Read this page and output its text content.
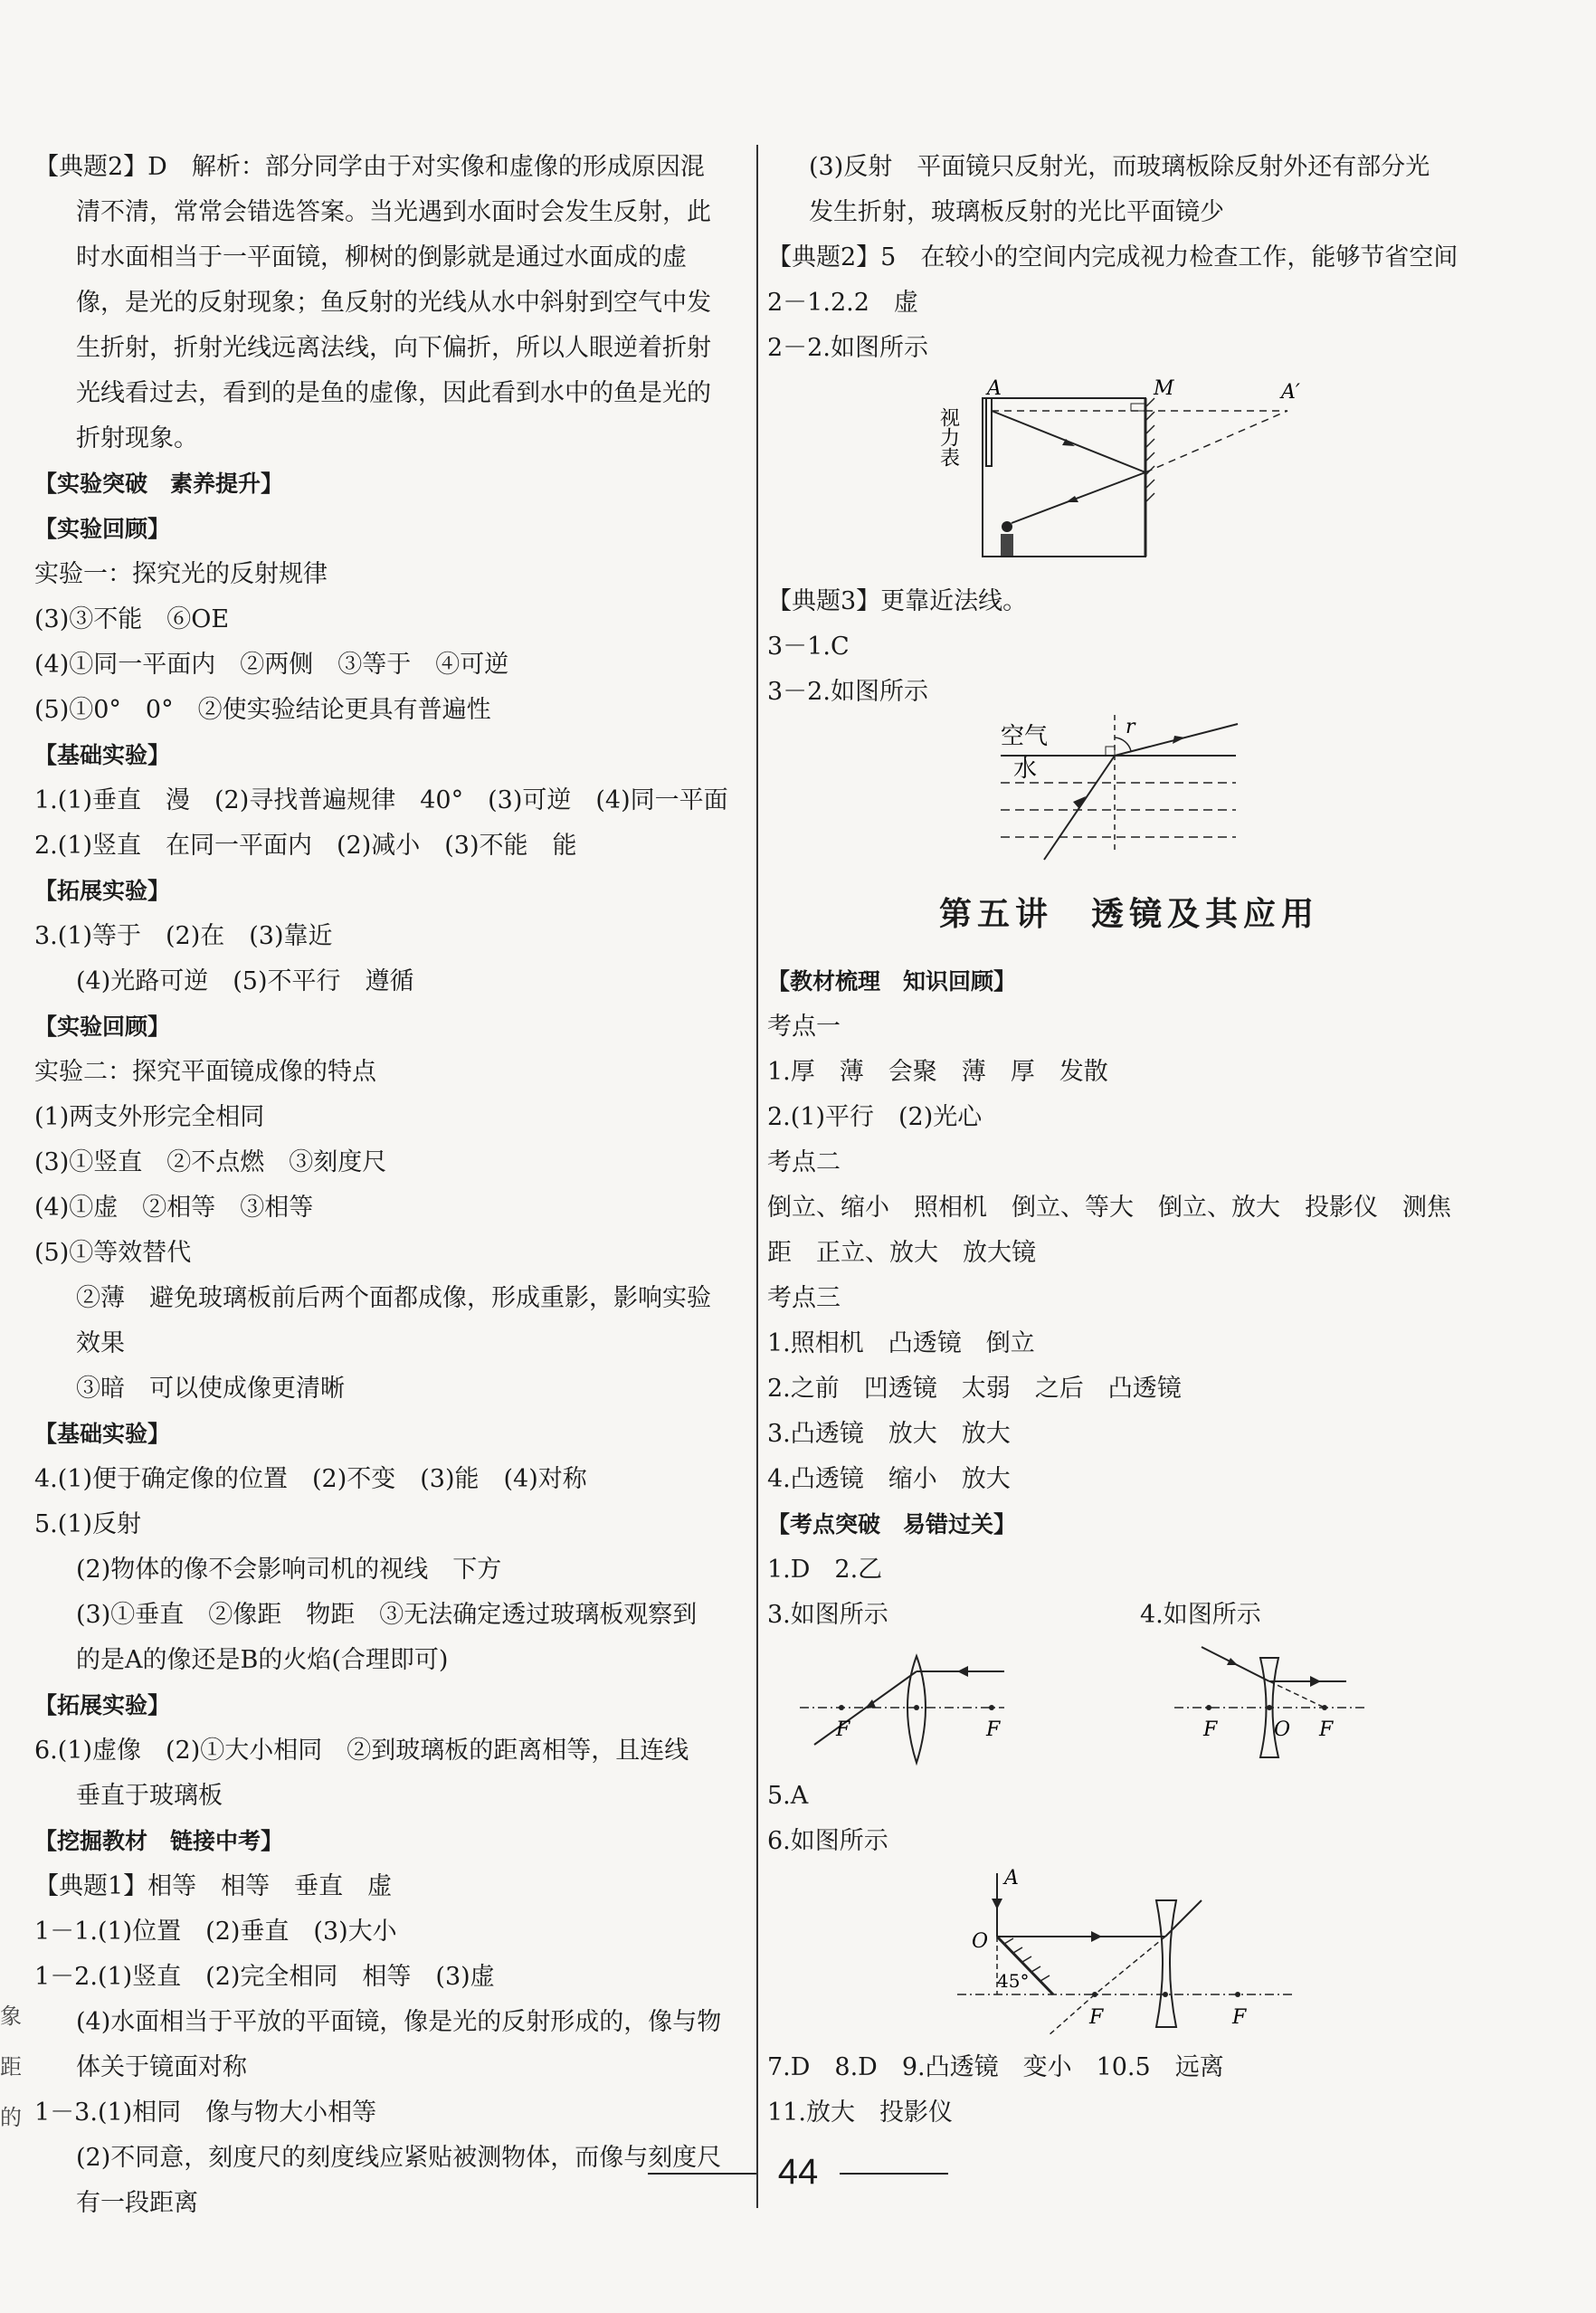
【典题2】D　解析：部分同学由于对实像和虚像的形成原因混
清不清，常常会错选答案。当光遇到水面时会发生反射，此
时水面相当于一平面镜，柳树的倒影就是通过水面成的虚
像，是光的反射现象；鱼反射的光线从水中斜射到空气中发
生折射，折射光线远离法线，向下偏折，所以人眼逆着折射
光线看过去，看到的是鱼的虚像，因此看到水中的鱼是光的
折射现象。
【实验突破　素养提升】
【实验回顾】
实验一：探究光的反射规律
(3)③不能　⑥OE
(4)①同一平面内　②两侧　③等于　④可逆
(5)①0°　0°　②使实验结论更具有普遍性
【基础实验】
1.(1)垂直　漫　(2)寻找普遍规律　40°　(3)可逆　(4)同一平面
2.(1)竖直　在同一平面内　(2)减小　(3)不能　能
【拓展实验】
3.(1)等于　(2)在　(3)靠近
(4)光路可逆　(5)不平行　遵循
【实验回顾】
实验二：探究平面镜成像的特点
(1)两支外形完全相同
(3)①竖直　②不点燃　③刻度尺
(4)①虚　②相等　③相等
(5)①等效替代
②薄　避免玻璃板前后两个面都成像，形成重影，影响实验
效果
③暗　可以使成像更清晰
【基础实验】
4.(1)便于确定像的位置　(2)不变　(3)能　(4)对称
5.(1)反射
(2)物体的像不会影响司机的视线　下方
(3)①垂直　②像距　物距　③无法确定透过玻璃板观察到
的是A的像还是B的火焰(合理即可)
【拓展实验】
6.(1)虚像　(2)①大小相同　②到玻璃板的距离相等，且连线
垂直于玻璃板
【挖掘教材　链接中考】
【典题1】相等　相等　垂直　虚
1－1.(1)位置　(2)垂直　(3)大小
1－2.(1)竖直　(2)完全相同　相等　(3)虚
(4)水面相当于平放的平面镜，像是光的反射形成的，像与物
体关于镜面对称
1－3.(1)相同　像与物大小相等
(2)不同意，刻度尺的刻度线应紧贴被测物体，而像与刻度尺
有一段距离
(3)反射　平面镜只反射光，而玻璃板除反射外还有部分光
发生折射，玻璃板反射的光比平面镜少
【典题2】5　在较小的空间内完成视力检查工作，能够节省空间
2－1.2.2　虚
2－2.如图所示
A	M	A′
视力表
【典题3】更靠近法线。
3－1.C
3－2.如图所示
空气
水
r
第五讲　透镜及其应用
【教材梳理　知识回顾】
考点一
1.厚　薄　会聚　薄　厚　发散
2.(1)平行　(2)光心
考点二
倒立、缩小　照相机　倒立、等大　倒立、放大　投影仪　测焦
距　正立、放大　放大镜
考点三
1.照相机　凸透镜　倒立
2.之前　凹透镜　太弱　之后　凸透镜
3.凸透镜　放大　放大
4.凸透镜　缩小　放大
【考点突破　易错过关】
1.D　2.乙
3.如图所示	4.如图所示
F	F	F	O F
5.A
6.如图所示
A
O
45°
F	F
7.D　8.D　9.凸透镜　变小　10.5　远离
11.放大　投影仪
象
距
的
44
